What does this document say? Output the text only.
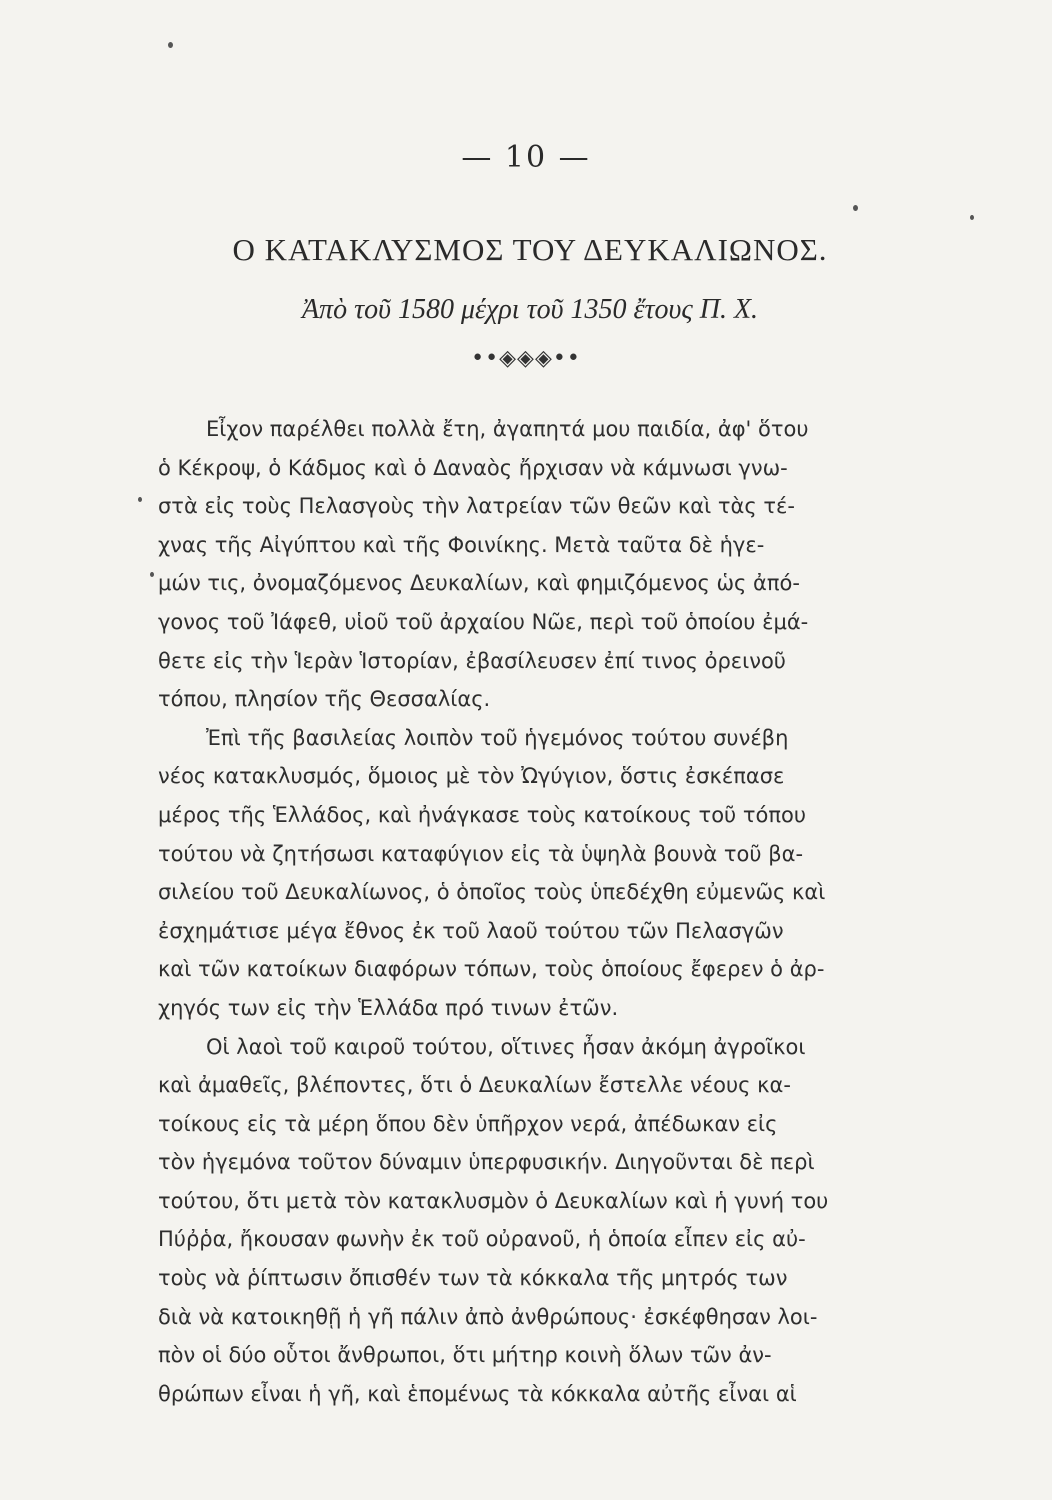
— 10 —
Ο ΚΑΤΑΚΛΥΣΜΟΣ ΤΟΥ ΔΕΥΚΑΛΙΩΝΟΣ.
Ἀπὸ τοῦ 1580 μέχρι τοῦ 1350 ἔτους Π. Χ.
••◈◈◈••
Εἶχον παρέλθει πολλὰ ἔτη, ἀγαπητά μου παιδία, ἀφ' ὅτου
ὁ Κέκροψ, ὁ Κάδμος καὶ ὁ Δαναὸς ἤρχισαν νὰ κάμνωσι γνω-
στὰ εἰς τοὺς Πελασγοὺς τὴν λατρείαν τῶν θεῶν καὶ τὰς τέ-
χνας τῆς Αἰγύπτου καὶ τῆς Φοινίκης. Μετὰ ταῦτα δὲ ἡγε-
μών τις, ὀνομαζόμενος Δευκαλίων, καὶ φημιζόμενος ὡς ἀπό-
γονος τοῦ Ἰάφεθ, υἱοῦ τοῦ ἀρχαίου Νῶε, περὶ τοῦ ὁποίου ἐμά-
θετε εἰς τὴν Ἱερὰν Ἱστορίαν, ἐβασίλευσεν ἐπί τινος ὀρεινοῦ
τόπου, πλησίον τῆς Θεσσαλίας.
Ἐπὶ τῆς βασιλείας λοιπὸν τοῦ ἡγεμόνος τούτου συνέβη
νέος κατακλυσμός, ὅμοιος μὲ τὸν Ὠγύγιον, ὅστις ἐσκέπασε
μέρος τῆς Ἑλλάδος, καὶ ἠνάγκασε τοὺς κατοίκους τοῦ τόπου
τούτου νὰ ζητήσωσι καταφύγιον εἰς τὰ ὑψηλὰ βουνὰ τοῦ βα-
σιλείου τοῦ Δευκαλίωνος, ὁ ὁποῖος τοὺς ὑπεδέχθη εὐμενῶς καὶ
ἐσχημάτισε μέγα ἔθνος ἐκ τοῦ λαοῦ τούτου τῶν Πελασγῶν
καὶ τῶν κατοίκων διαφόρων τόπων, τοὺς ὁποίους ἔφερεν ὁ ἀρ-
χηγός των εἰς τὴν Ἑλλάδα πρό τινων ἐτῶν.
Οἱ λαοὶ τοῦ καιροῦ τούτου, οἵτινες ἦσαν ἀκόμη ἀγροῖκοι
καὶ ἀμαθεῖς, βλέποντες, ὅτι ὁ Δευκαλίων ἔστελλε νέους κα-
τοίκους εἰς τὰ μέρη ὅπου δὲν ὑπῆρχον νερά, ἀπέδωκαν εἰς
τὸν ἡγεμόνα τοῦτον δύναμιν ὑπερφυσικήν. Διηγοῦνται δὲ περὶ
τούτου, ὅτι μετὰ τὸν κατακλυσμὸν ὁ Δευκαλίων καὶ ἡ γυνή του
Πύῤῥα, ἤκουσαν φωνὴν ἐκ τοῦ οὐρανοῦ, ἡ ὁποία εἶπεν εἰς αὐ-
τοὺς νὰ ῥίπτωσιν ὄπισθέν των τὰ κόκκαλα τῆς μητρός των
διὰ νὰ κατοικηθῇ ἡ γῆ πάλιν ἀπὸ ἀνθρώπους· ἐσκέφθησαν λοι-
πὸν οἱ δύο οὗτοι ἄνθρωποι, ὅτι μήτηρ κοινὴ ὅλων τῶν ἀν-
θρώπων εἶναι ἡ γῆ, καὶ ἑπομένως τὰ κόκκαλα αὐτῆς εἶναι αἱ
